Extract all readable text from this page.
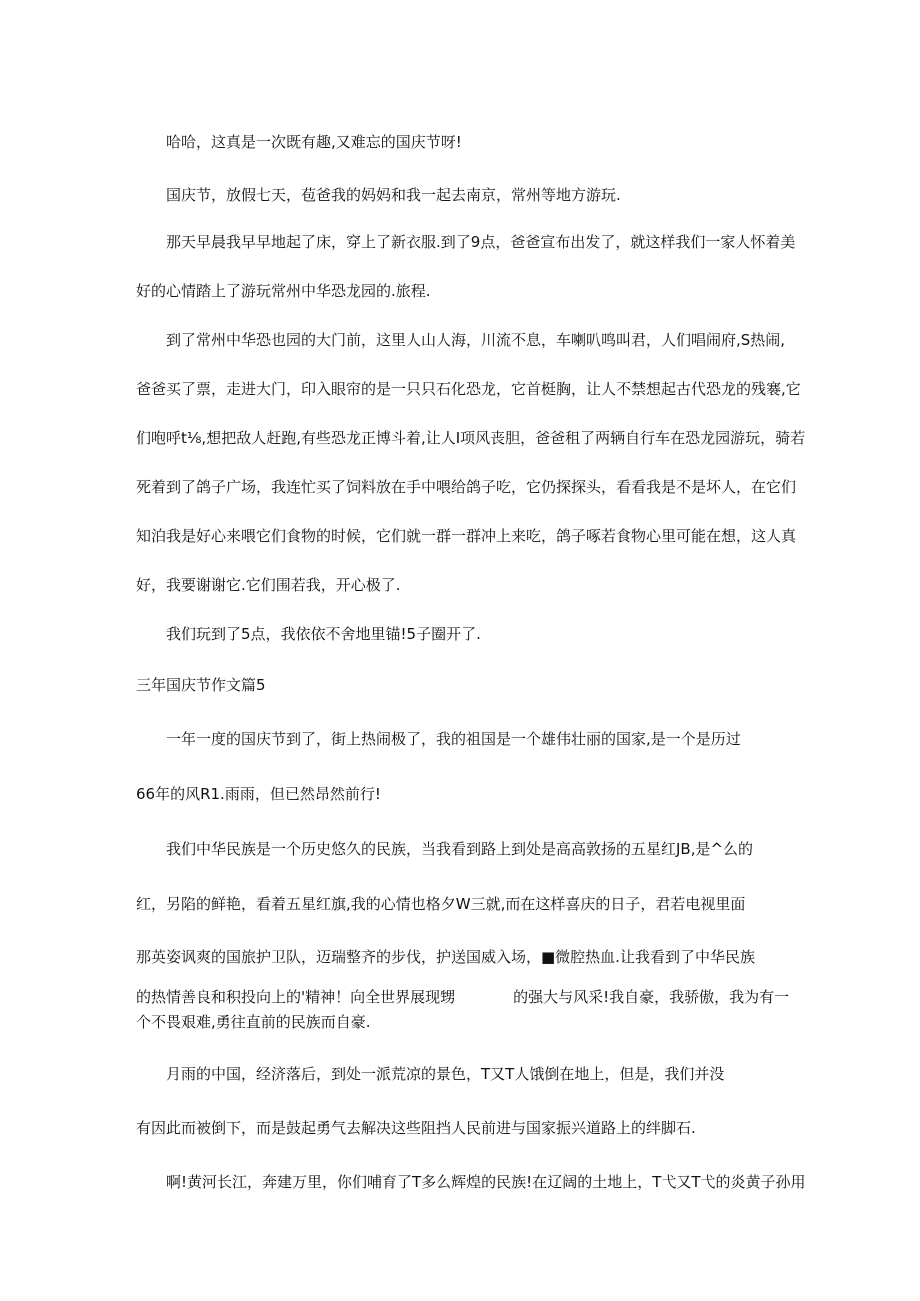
哈哈，这真是一次既有趣,又难忘的国庆节呀!

国庆节，放假七天，苞爸我的妈妈和我一起去南京，常州等地方游玩.

那天早晨我早早地起了床，穿上了新衣服.到了9点，爸爸宣布出发了，就这样我们一家人怀着美

好的心情踏上了游玩常州中华恐龙园的.旅程.

到了常州中华恐也园的大门前，这里人山人海，川流不息，车喇叭鸣叫君，人们唱闹府,S热闹,

爸爸买了票，走进大门，印入眼帘的是一只只石化恐龙，它首梃胸，让人不禁想起古代恐龙的残褰,它

们咆呼t⅛,想把敌人赶跑,有些恐龙正博斗着,让人I项风丧胆，爸爸租了两辆自行车在恐龙园游玩，骑若

死着到了鸽子广场，我连忙买了饲料放在手中喂给鸽子吃，它仍探探头，看看我是不是坏人，在它们

知泊我是好心来喂它们食物的时候，它们就一群一群冲上来吃，鸽子啄若食物心里可能在想，这人真

好，我要谢谢它.它们围若我，开心极了.

我们玩到了5点，我依依不舍地里锚!5子圈开了.

三年国庆节作文篇5

一年一度的国庆节到了，街上热闹极了，我的祖国是一个雄伟壮丽的国家,是一个是历过

66年的风R1.雨雨，但已然昂然前行!

我们中华民族是一个历史悠久的民族，当我看到路上到处是高高敦扬的五星红JB,是^么的

红，另陷的鲜艳，看着五星红旗,我的心情也格夕W三就,而在这样喜庆的日子，君若电视里面

那英姿讽爽的国旅护卫队，迈瑞整齐的步伐，护送国威入场，■微腔热血.让我看到了中华民族

的热情善良和积投向上的'精神！向全世界展现甥	的强大与风采!我自豪，我骄傲，我为有一

个不畏艰难,勇往直前的民族而自豪.

月雨的中国，经济落后，到处一派荒凉的景色，T又T人饿倒在地上，但是，我们并没

有因此而被倒下，而是鼓起勇气去解决这些阻挡人民前进与国家振兴道路上的绊脚石.

啊!黄河长江，奔建万里，你们哺育了T多么辉煌的民族!在辽阔的土地上，T弋又T弋的炎黄子孙用
